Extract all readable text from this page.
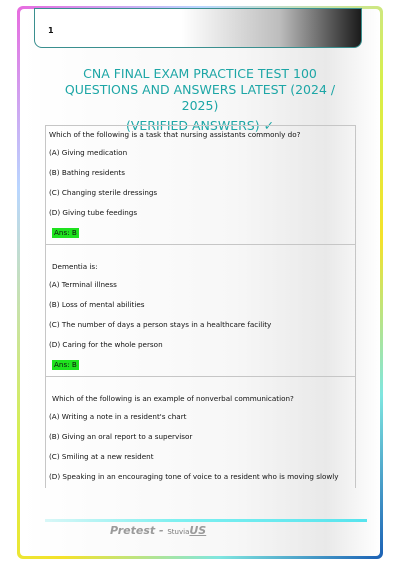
1
CNA FINAL EXAM PRACTICE TEST 100
QUESTIONS AND ANSWERS LATEST (2024 / 2025)
(VERIFIED ANSWERS) ✓

Which of the following is a task that nursing assistants commonly do?

(A) Giving medication

(B) Bathing residents

(C) Changing sterile dressings

(D) Giving tube feedings

Ans: B

Dementia is:

(A) Terminal illness

(B) Loss of mental abilities

(C) The number of days a person stays in a healthcare facility

(D) Caring for the whole person

Ans: B

Which of the following is an example of nonverbal communication?

(A) Writing a note in a resident's chart

(B) Giving an oral report to a supervisor

(C) Smiling at a new resident

(D) Speaking in an encouraging tone of voice to a resident who is moving slowly

Pretest - StuviaUS
